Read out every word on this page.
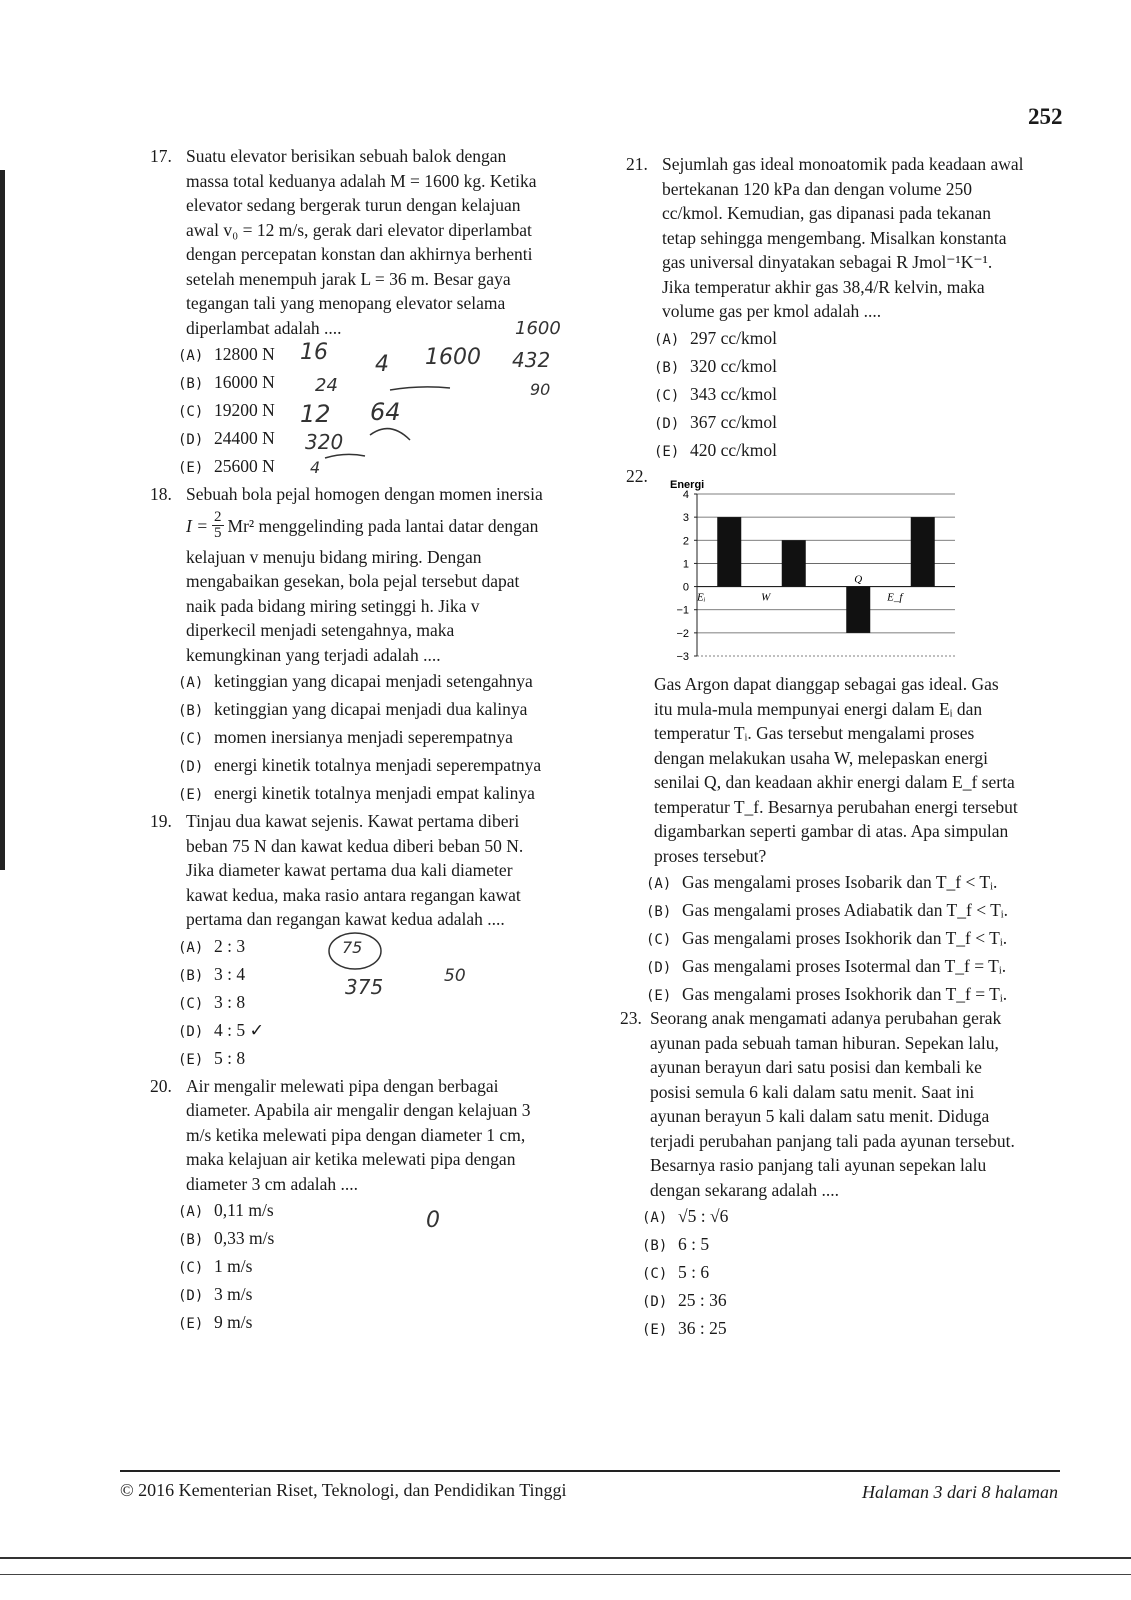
252
17. Suatu elevator berisikan sebuah balok dengan
massa total keduanya adalah M = 1600 kg. Ketika
elevator sedang bergerak turun dengan kelajuan
awal v₀ = 12 m/s, gerak dari elevator diperlambat
dengan percepatan konstan dan akhirnya berhenti
setelah menempuh jarak L = 36 m. Besar gaya
tegangan tali yang menopang elevator selama
diperlambat adalah ....
(A) 12800 N
(B) 16000 N
(C) 19200 N
(D) 24400 N
(E) 25600 N
18. Sebuah bola pejal homogen dengan momen inersia
$I = \frac{2}{5} Mr^2$ menggelinding pada lantai datar dengan
kelajuan v menuju bidang miring. Dengan
mengabaikan gesekan, bola pejal tersebut dapat
naik pada bidang miring setinggi h. Jika v
diperkecil menjadi setengahnya, maka
kemungkinan yang terjadi adalah ....
(A) ketinggian yang dicapai menjadi setengahnya
(B) ketinggian yang dicapai menjadi dua kalinya
(C) momen inersianya menjadi seperempatnya
(D) energi kinetik totalnya menjadi seperempatnya
(E) energi kinetik totalnya menjadi empat kalinya
19. Tinjau dua kawat sejenis. Kawat pertama diberi
beban 75 N dan kawat kedua diberi beban 50 N.
Jika diameter kawat pertama dua kali diameter
kawat kedua, maka rasio antara regangan kawat
pertama dan regangan kawat kedua adalah ....
(A) 2 : 3
(B) 3 : 4
(C) 3 : 8
(D) 4 : 5 ✓
(E) 5 : 8
20. Air mengalir melewati pipa dengan berbagai
diameter. Apabila air mengalir dengan kelajuan 3
m/s ketika melewati pipa dengan diameter 1 cm,
maka kelajuan air ketika melewati pipa dengan
diameter 3 cm adalah ....
(A) 0,11 m/s
(B) 0,33 m/s
(C) 1 m/s
(D) 3 m/s
(E) 9 m/s
1600
16 4 1600 432
90
24
12 64
320
4
75
375	50
0
21. Sejumlah gas ideal monoatomik pada keadaan awal
bertekanan 120 kPa dan dengan volume 250
cc/kmol. Kemudian, gas dipanasi pada tekanan
tetap sehingga mengembang. Misalkan konstanta
gas universal dinyatakan sebagai R Jmol⁻¹K⁻¹.
Jika temperatur akhir gas 38,4/R kelvin, maka
volume gas per kmol adalah ....
(A) 297 cc/kmol
(B) 320 cc/kmol
(C) 343 cc/kmol
(D) 367 cc/kmol
(E) 420 cc/kmol
22. Energi
4
3
2
1
0
−1
−2
−3
Eᵢ	W
Q
E_f
Gas Argon dapat dianggap sebagai gas ideal. Gas
itu mula-mula mempunyai energi dalam Eᵢ dan
temperatur Tᵢ. Gas tersebut mengalami proses
dengan melakukan usaha W, melepaskan energi
senilai Q, dan keadaan akhir energi dalam E_f serta
temperatur T_f. Besarnya perubahan energi tersebut
digambarkan seperti gambar di atas. Apa simpulan
proses tersebut?
(A) Gas mengalami proses Isobarik dan T_f < Tᵢ.
(B) Gas mengalami proses Adiabatik dan T_f < Tᵢ.
(C) Gas mengalami proses Isokhorik dan T_f < Tᵢ.
(D) Gas mengalami proses Isotermal dan T_f = Tᵢ.
(E) Gas mengalami proses Isokhorik dan T_f = Tᵢ.
23. Seorang anak mengamati adanya perubahan gerak
ayunan pada sebuah taman hiburan. Sepekan lalu,
ayunan berayun dari satu posisi dan kembali ke
posisi semula 6 kali dalam satu menit. Saat ini
ayunan berayun 5 kali dalam satu menit. Diduga
terjadi perubahan panjang tali pada ayunan tersebut.
Besarnya rasio panjang tali ayunan sepekan lalu
dengan sekarang adalah ....
(A) √5 : √6
(B) 6 : 5
(C) 5 : 6
(D) 25 : 36
(E) 36 : 25
© 2016 Kementerian Riset, Teknologi, dan Pendidikan Tinggi	Halaman 3 dari 8 halaman
